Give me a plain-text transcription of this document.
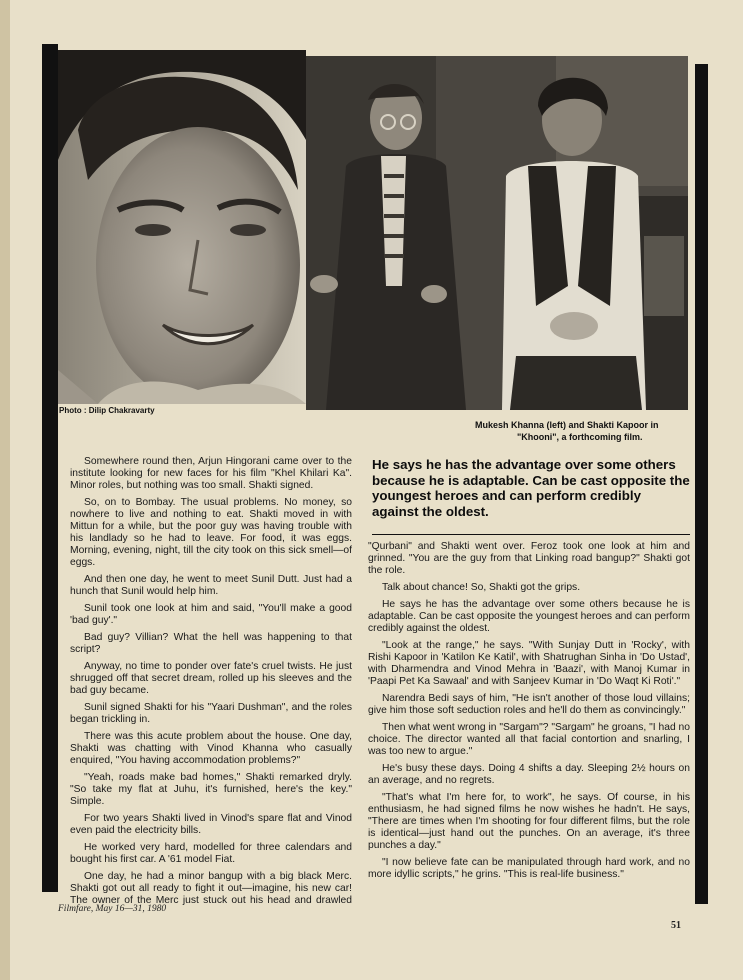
Photo : Dilip Chakravarty
Mukesh Khanna (left) and Shakti Kapoor in
"Khooni", a forthcoming film.

Somewhere round then, Arjun Hingorani came over to the institute looking for new faces for his film "Khel Khilari Ka". Minor roles, but nothing was too small. Shakti signed.

So, on to Bombay. The usual problems. No money, so nowhere to live and nothing to eat. Shakti moved in with Mittun for a while, but the poor guy was having trouble with his landlady so he had to leave. For food, it was eggs. Morning, evening, night, till the city took on this sick smell—of eggs.

And then one day, he went to meet Sunil Dutt. Just had a hunch that Sunil would help him.

Sunil took one look at him and said, "You'll make a good 'bad guy'."

Bad guy? Villian? What the hell was happening to that script?

Anyway, no time to ponder over fate's cruel twists. He just shrugged off that secret dream, rolled up his sleeves and the bad guy became.

Sunil signed Shakti for his "Yaari Dushman", and the roles began trickling in.

There was this acute problem about the house. One day, Shakti was chatting with Vinod Khanna who casually enquired, "You having accommodation problems?"

"Yeah, roads make bad homes," Shakti remarked dryly. "So take my flat at Juhu, it's furnished, here's the key." Simple.

For two years Shakti lived in Vinod's spare flat and Vinod even paid the electricity bills.

He worked very hard, modelled for three calendars and bought his first car. A '61 model Fiat.

One day, he had a minor bangup with a big black Merc. Shakti got out all ready to fight it out—imagine, his new car! The owner of the Merc just stuck out his head and drawled

He says he has the advantage over some others because he is adaptable. Can be cast opposite the youngest heroes and can perform credibly against the oldest.

"Qurbani" and Shakti went over. Feroz took one look at him and grinned. "You are the guy from that Linking road bangup?" Shakti got the role.

Talk about chance! So, Shakti got the grips.

He says he has the advantage over some others because he is adaptable. Can be cast opposite the youngest heroes and can perform credibly against the oldest.

"Look at the range," he says. "With Sunjay Dutt in 'Rocky', with Rishi Kapoor in 'Katilon Ke Katil', with Shatrughan Sinha in 'Do Ustad', with Dharmendra and Vinod Mehra in 'Baazi', with Manoj Kumar in 'Paapi Pet Ka Sawaal' and with Sanjeev Kumar in 'Do Waqt Ki Roti'."

Narendra Bedi says of him, "He isn't another of those loud villains; give him those soft seduction roles and he'll do them as convincingly."

Then what went wrong in "Sargam"? "Sargam" he groans, "I had no choice. The director wanted all that facial contortion and snarling, I was too new to argue."

He's busy these days. Doing 4 shifts a day. Sleeping 2½ hours on an average, and no regrets.

"That's what I'm here for, to work", he says. Of course, in his enthusiasm, he had signed films he now wishes he hadn't. He says, "There are times when I'm shooting for four different films, but the role is identical—just hand out the punches. On an average, it's three punches a day."

"I now believe fate can be manipulated through hard work, and no more idyllic scripts," he grins. "This is real-life business."

Filmfare, May 16—31, 1980
51
